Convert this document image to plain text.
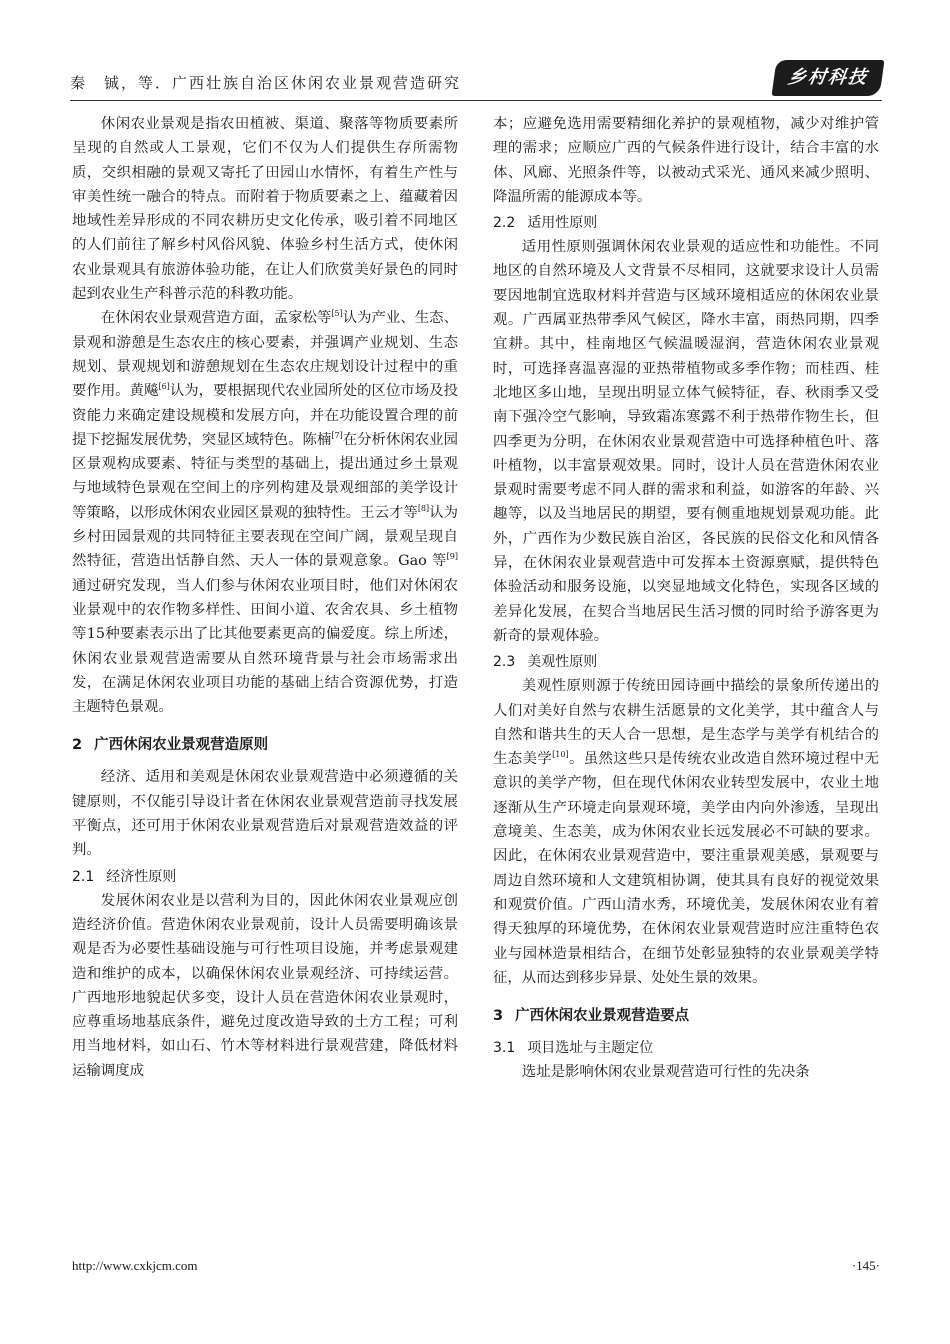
秦　铖，等．广西壮族自治区休闲农业景观营造研究	乡村科技

休闲农业景观是指农田植被、渠道、聚落等物质要素所呈现的自然或人工景观，它们不仅为人们提供生存所需物质，交织相融的景观又寄托了田园山水情怀，有着生产性与审美性统一融合的特点。而附着于物质要素之上、蕴藏着因地域性差异形成的不同农耕历史文化传承，吸引着不同地区的人们前往了解乡村风俗风貌、体验乡村生活方式，使休闲农业景观具有旅游体验功能，在让人们欣赏美好景色的同时起到农业生产科普示范的科教功能。

在休闲农业景观营造方面，孟家松等[5]认为产业、生态、景观和游憩是生态农庄的核心要素，并强调产业规划、生态规划、景观规划和游憩规划在生态农庄规划设计过程中的重要作用。黄飚[6]认为，要根据现代农业园所处的区位市场及投资能力来确定建设规模和发展方向，并在功能设置合理的前提下挖掘发展优势，突显区域特色。陈楠[7]在分析休闲农业园区景观构成要素、特征与类型的基础上，提出通过乡土景观与地域特色景观在空间上的序列构建及景观细部的美学设计等策略，以形成休闲农业园区景观的独特性。王云才等[8]认为乡村田园景观的共同特征主要表现在空间广阔，景观呈现自然特征，营造出恬静自然、天人一体的景观意象。Gao 等[9]通过研究发现，当人们参与休闲农业项目时，他们对休闲农业景观中的农作物多样性、田间小道、农舍农具、乡土植物等15种要素表示出了比其他要素更高的偏爱度。综上所述，休闲农业景观营造需要从自然环境背景与社会市场需求出发，在满足休闲农业项目功能的基础上结合资源优势，打造主题特色景观。

2 广西休闲农业景观营造原则

经济、适用和美观是休闲农业景观营造中必须遵循的关键原则，不仅能引导设计者在休闲农业景观营造前寻找发展平衡点，还可用于休闲农业景观营造后对景观营造效益的评判。

2.1 经济性原则

发展休闲农业是以营利为目的，因此休闲农业景观应创造经济价值。营造休闲农业景观前，设计人员需要明确该景观是否为必要性基础设施与可行性项目设施，并考虑景观建造和维护的成本，以确保休闲农业景观经济、可持续运营。广西地形地貌起伏多变，设计人员在营造休闲农业景观时，应尊重场地基底条件，避免过度改造导致的土方工程；可利用当地材料，如山石、竹木等材料进行景观营建，降低材料运输调度成

本；应避免选用需要精细化养护的景观植物，减少对维护管理的需求；应顺应广西的气候条件进行设计，结合丰富的水体、风廊、光照条件等，以被动式采光、通风来减少照明、降温所需的能源成本等。

2.2 适用性原则

适用性原则强调休闲农业景观的适应性和功能性。不同地区的自然环境及人文背景不尽相同，这就要求设计人员需要因地制宜选取材料并营造与区域环境相适应的休闲农业景观。广西属亚热带季风气候区，降水丰富，雨热同期，四季宜耕。其中，桂南地区气候温暖湿润，营造休闲农业景观时，可选择喜温喜湿的亚热带植物或多季作物；而桂西、桂北地区多山地，呈现出明显立体气候特征，春、秋雨季又受南下强冷空气影响，导致霜冻寒露不利于热带作物生长，但四季更为分明，在休闲农业景观营造中可选择种植色叶、落叶植物，以丰富景观效果。同时，设计人员在营造休闲农业景观时需要考虑不同人群的需求和利益，如游客的年龄、兴趣等，以及当地居民的期望，要有侧重地规划景观功能。此外，广西作为少数民族自治区，各民族的民俗文化和风情各异，在休闲农业景观营造中可发挥本土资源禀赋，提供特色体验活动和服务设施，以突显地域文化特色，实现各区域的差异化发展，在契合当地居民生活习惯的同时给予游客更为新奇的景观体验。

2.3 美观性原则

美观性原则源于传统田园诗画中描绘的景象所传递出的人们对美好自然与农耕生活愿景的文化美学，其中蕴含人与自然和谐共生的天人合一思想，是生态学与美学有机结合的生态美学[10]。虽然这些只是传统农业改造自然环境过程中无意识的美学产物，但在现代休闲农业转型发展中，农业土地逐渐从生产环境走向景观环境，美学由内向外渗透，呈现出意境美、生态美，成为休闲农业长远发展必不可缺的要求。因此，在休闲农业景观营造中，要注重景观美感，景观要与周边自然环境和人文建筑相协调，使其具有良好的视觉效果和观赏价值。广西山清水秀，环境优美，发展休闲农业有着得天独厚的环境优势，在休闲农业景观营造时应注重特色农业与园林造景相结合，在细节处彰显独特的农业景观美学特征，从而达到移步异景、处处生景的效果。

3 广西休闲农业景观营造要点
3.1 项目选址与主题定位

选址是影响休闲农业景观营造可行性的先决条

http://www.cxkjcm.com	·145·
